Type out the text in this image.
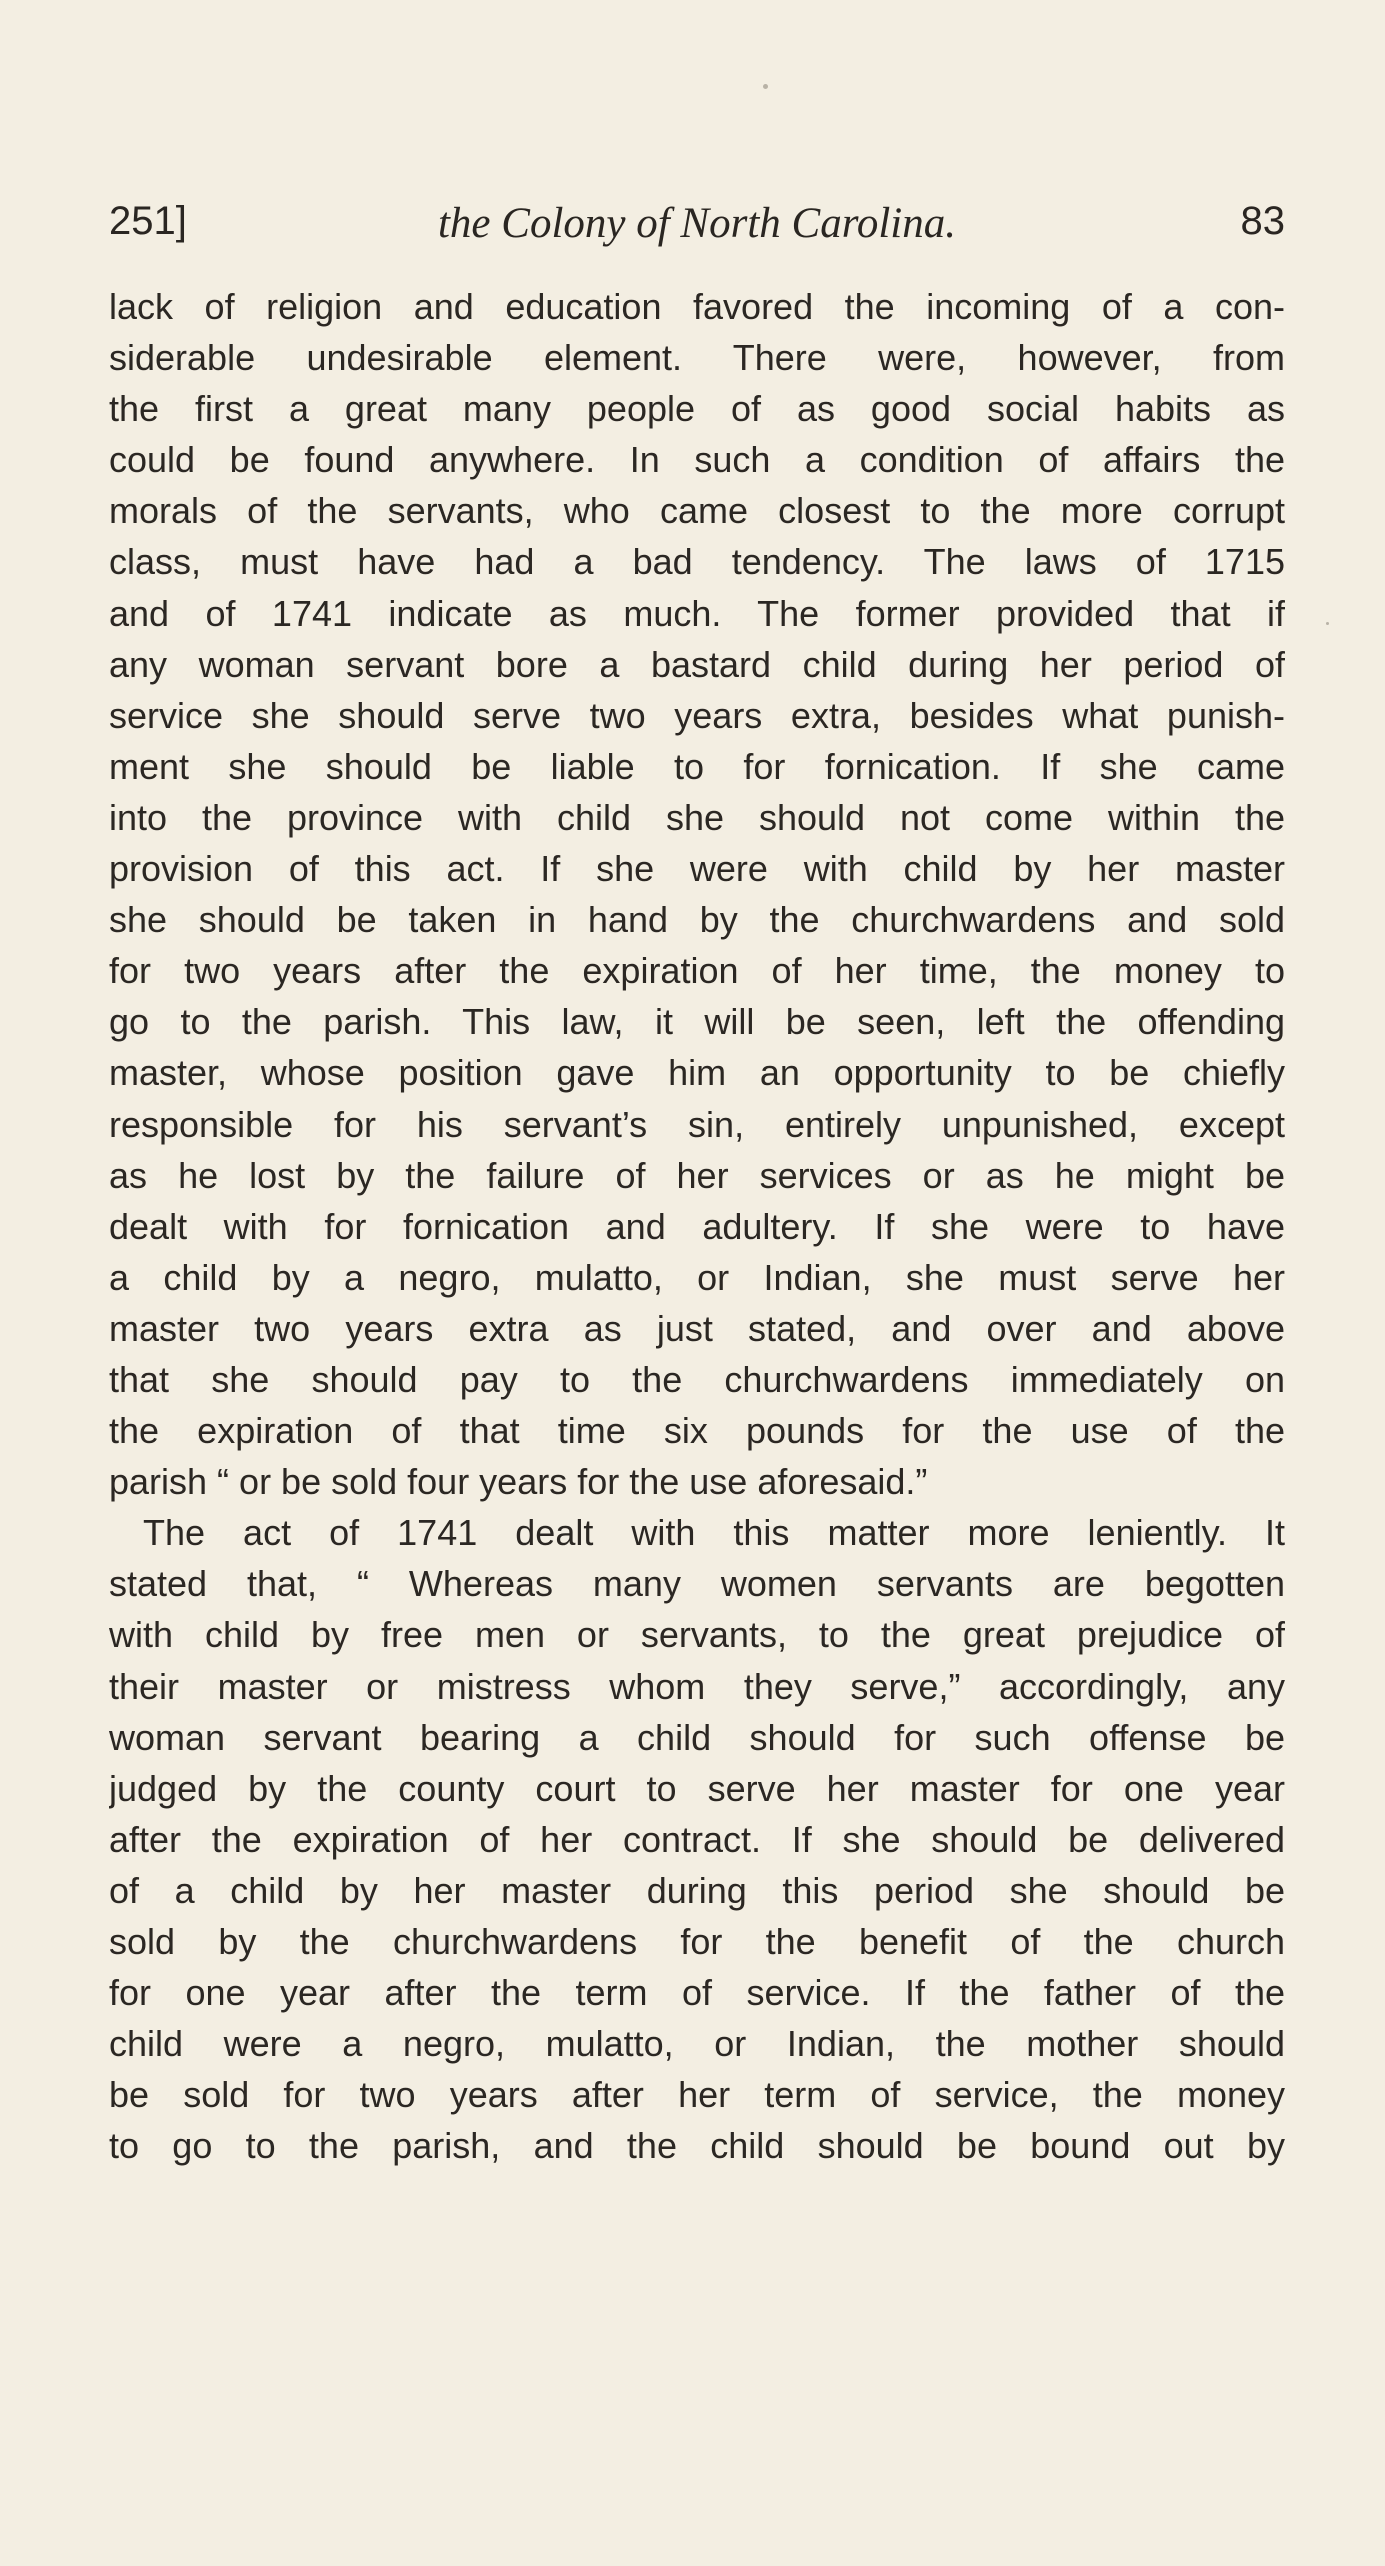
251]	the Colony of North Carolina.	83
lack of religion and education favored the incoming of a con-
siderable undesirable element. There were, however, from
the first a great many people of as good social habits as
could be found anywhere. In such a condition of affairs the
morals of the servants, who came closest to the more corrupt
class, must have had a bad tendency. The laws of 1715
and of 1741 indicate as much. The former provided that if
any woman servant bore a bastard child during her period of
service she should serve two years extra, besides what punish-
ment she should be liable to for fornication. If she came
into the province with child she should not come within the
provision of this act. If she were with child by her master
she should be taken in hand by the churchwardens and sold
for two years after the expiration of her time, the money to
go to the parish. This law, it will be seen, left the offending
master, whose position gave him an opportunity to be chiefly
responsible for his servant’s sin, entirely unpunished, except
as he lost by the failure of her services or as he might be
dealt with for fornication and adultery. If she were to have
a child by a negro, mulatto, or Indian, she must serve her
master two years extra as just stated, and over and above
that she should pay to the churchwardens immediately on
the expiration of that time six pounds for the use of the
parish “ or be sold four years for the use aforesaid.”
The act of 1741 dealt with this matter more leniently. It
stated that, “ Whereas many women servants are begotten
with child by free men or servants, to the great prejudice of
their master or mistress whom they serve,” accordingly, any
woman servant bearing a child should for such offense be
judged by the county court to serve her master for one year
after the expiration of her contract. If she should be delivered
of a child by her master during this period she should be
sold by the churchwardens for the benefit of the church
for one year after the term of service. If the father of the
child were a negro, mulatto, or Indian, the mother should
be sold for two years after her term of service, the money
to go to the parish, and the child should be bound out by
